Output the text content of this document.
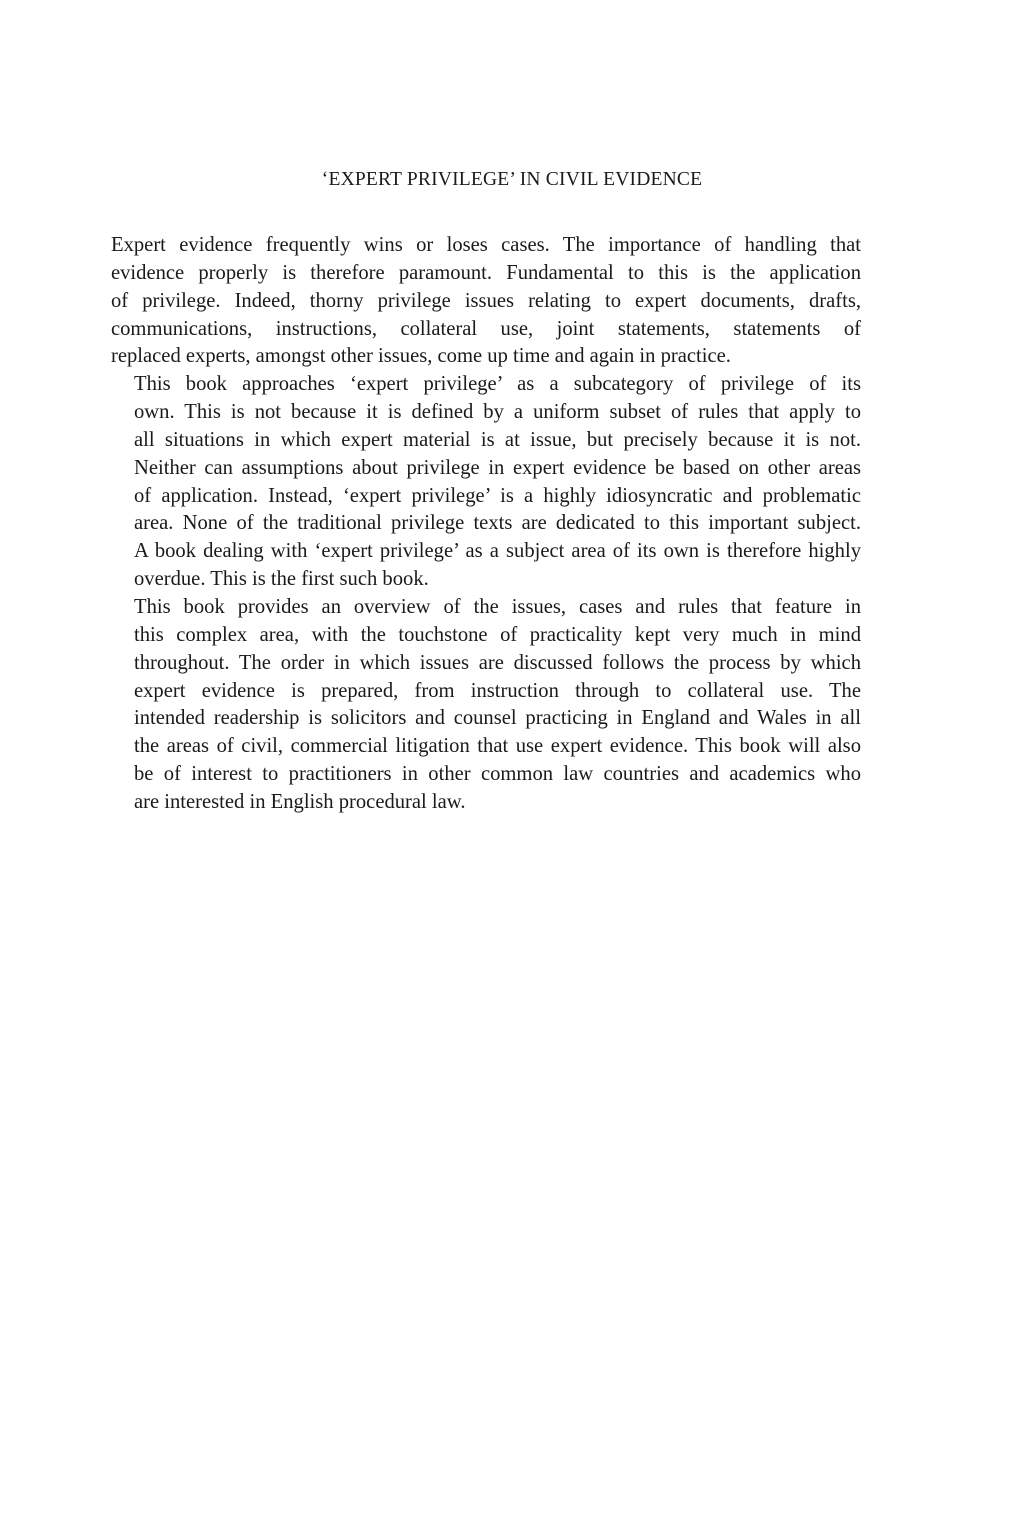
‘EXPERT PRIVILEGE’ IN CIVIL EVIDENCE

Expert evidence frequently wins or loses cases. The importance of handling that
evidence properly is therefore paramount. Fundamental to this is the application
of privilege. Indeed, thorny privilege issues relating to expert documents, drafts,
communications, instructions, collateral use, joint statements, statements of
replaced experts, amongst other issues, come up time and again in practice.

This book approaches ‘expert privilege’ as a subcategory of privilege of its
own. This is not because it is defined by a uniform subset of rules that apply to
all situations in which expert material is at issue, but precisely because it is not.
Neither can assumptions about privilege in expert evidence be based on other areas
of application. Instead, ‘expert privilege’ is a highly idiosyncratic and problematic
area. None of the traditional privilege texts are dedicated to this important subject.
A book dealing with ‘expert privilege’ as a subject area of its own is therefore highly
overdue. This is the first such book.

This book provides an overview of the issues, cases and rules that feature in
this complex area, with the touchstone of practicality kept very much in mind
throughout. The order in which issues are discussed follows the process by which
expert evidence is prepared, from instruction through to collateral use. The
intended readership is solicitors and counsel practicing in England and Wales in all
the areas of civil, commercial litigation that use expert evidence. This book will also
be of interest to practitioners in other common law countries and academics who
are interested in English procedural law.
